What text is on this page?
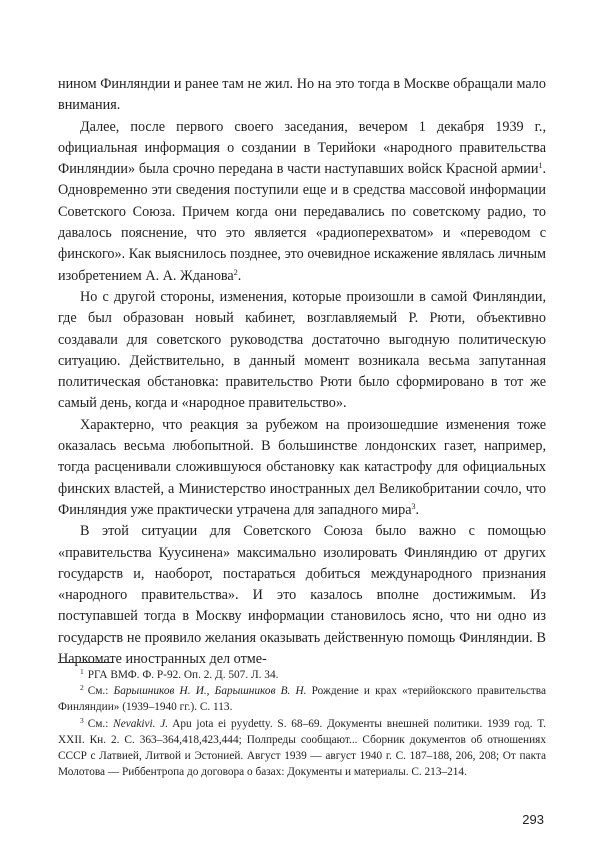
нином Финляндии и ранее там не жил. Но на это тогда в Москве обращали мало внимания.

Далее, после первого своего заседания, вечером 1 декабря 1939 г., официальная информация о создании в Терийоки «народного правительства Финляндии» была срочно передана в части наступавших войск Красной армии$^1$. Одновременно эти сведения поступили еще и в средства массовой информации Советского Союза. Причем когда они передавались по советскому радио, то давалось пояснение, что это является «радиоперехватом» и «переводом с финского». Как выяснилось позднее, это очевидное искажение являлась личным изобретением А. А. Жданова$^2$.

Но с другой стороны, изменения, которые произошли в самой Финляндии, где был образован новый кабинет, возглавляемый Р. Рюти, объективно создавали для советского руководства достаточно выгодную политическую ситуацию. Действительно, в данный момент возникала весьма запутанная политическая обстановка: правительство Рюти было сформировано в тот же самый день, когда и «народное правительство».

Характерно, что реакция за рубежом на произошедшие изменения тоже оказалась весьма любопытной. В большинстве лондонских газет, например, тогда расценивали сложившуюся обстановку как катастрофу для официальных финских властей, а Министерство иностранных дел Великобритании сочло, что Финляндия уже практически утрачена для западного мира$^3$.

В этой ситуации для Советского Союза было важно с помощью «правительства Куусинена» максимально изолировать Финляндию от других государств и, наоборот, постараться добиться международного признания «народного правительства». И это казалось вполне достижимым. Из поступавшей тогда в Москву информации становилось ясно, что ни одно из государств не проявило желания оказывать действенную помощь Финляндии. В Наркомате иностранных дел отме-

$^1$ РГА ВМФ. Ф. Р-92. Оп. 2. Д. 507. Л. 34.

$^2$ См.: Барышников Н. И., Барышников В. Н. Рождение и крах «терийокского правительства Финляндии» (1939–1940 гг.). С. 113.

$^3$ См.: Nevakivi. J. Apu jota ei pyydetty. S. 68–69. Документы внешней политики. 1939 год. Т. XXII. Кн. 2. С. 363–364,418,423,444; Полпреды сообщают... Сборник документов об отношениях СССР с Латвией, Литвой и Эстонией. Август 1939 — август 1940 г. С. 187–188, 206, 208; От пакта Молотова — Риббентропа до договора о базах: Документы и материалы. С. 213–214.

293
